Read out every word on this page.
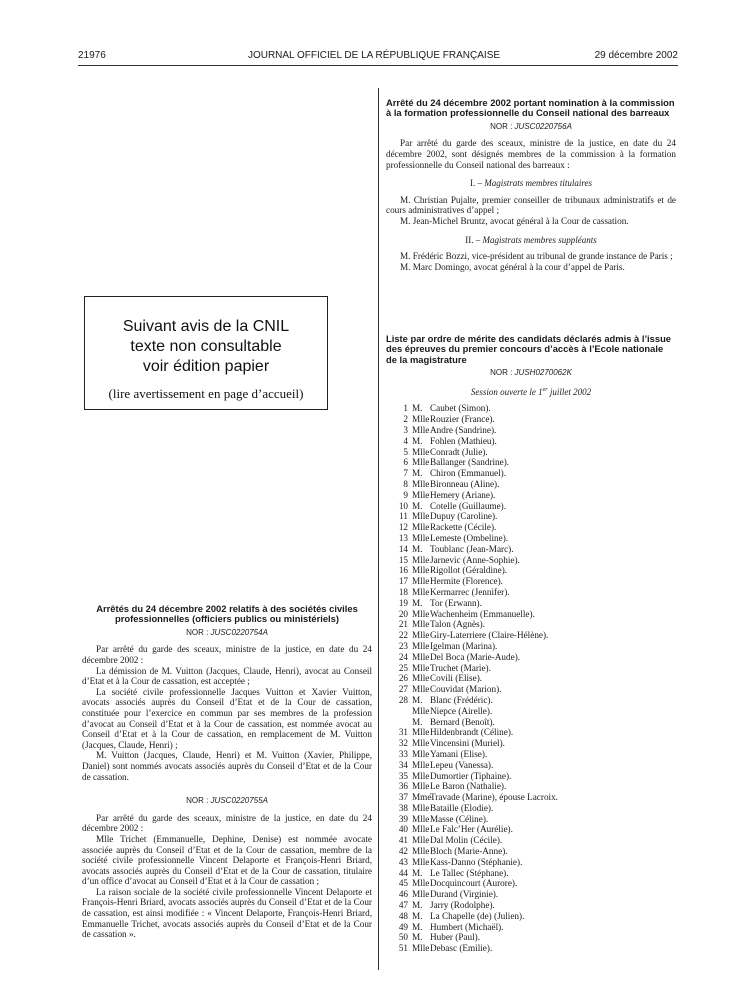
21976	JOURNAL OFFICIEL DE LA RÉPUBLIQUE FRANÇAISE	29 décembre 2002
Suivant avis de la CNIL
texte non consultable
voir édition papier
(lire avertissement en page d’accueil)
Arrêtés du 24 décembre 2002 relatifs à des sociétés civiles professionnelles (officiers publics ou ministériels)
NOR : JUSC0220754A

Par arrêté du garde des sceaux, ministre de la justice, en date du 24 décembre 2002 :

La démission de M. Vuitton (Jacques, Claude, Henri), avocat au Conseil d’Etat et à la Cour de cassation, est acceptée ;

La société civile professionnelle Jacques Vuitton et Xavier Vuitton, avocats associés auprès du Conseil d’Etat et de la Cour de cassation, constituée pour l’exercice en commun par ses membres de la profession d’avocat au Conseil d’Etat et à la Cour de cassation, est nommée avocat au Conseil d’Etat et à la Cour de cassation, en remplacement de M. Vuitton (Jacques, Claude, Henri) ;

M. Vuitton (Jacques, Claude, Henri) et M. Vuitton (Xavier, Philippe, Daniel) sont nommés avocats associés auprès du Conseil d’Etat et de la Cour de cassation.

NOR : JUSC0220755A

Par arrêté du garde des sceaux, ministre de la justice, en date du 24 décembre 2002 :

Mlle Trichet (Emmanuelle, Dephine, Denise) est nommée avocate associée auprès du Conseil d’Etat et de la Cour de cassation, membre de la société civile professionnelle Vincent Delaporte et François-Henri Briard, avocats associés auprès du Conseil d’Etat et de la Cour de cassation, titulaire d’un office d’avocat au Conseil d’Etat et à la Cour de cassation ;

La raison sociale de la société civile professionnelle Vincent Delaporte et François-Henri Briard, avocats associés auprès du Conseil d’Etat et de la Cour de cassation, est ainsi modifiée : « Vincent Delaporte, François-Henri Briard, Emmanuelle Trichet, avocats associés auprès du Conseil d’Etat et de la Cour de cassation ».

Arrêté du 24 décembre 2002 portant nomination à la commission à la formation professionnelle du Conseil national des barreaux
NOR : JUSC0220756A

Par arrêté du garde des sceaux, ministre de la justice, en date du 24 décembre 2002, sont désignés membres de la commission à la formation professionnelle du Conseil national des barreaux :

I. – Magistrats membres titulaires

M. Christian Pujalte, premier conseiller de tribunaux administratifs et de cours administratives d’appel ;

M. Jean-Michel Bruntz, avocat général à la Cour de cassation.

II. – Magistrats membres suppléants

M. Frédéric Bozzi, vice-président au tribunal de grande instance de Paris ;

M. Marc Domingo, avocat général à la cour d’appel de Paris.

Liste par ordre de mérite des candidats déclarés admis à l’issue des épreuves du premier concours d’accès à l’Ecole nationale de la magistrature
NOR : JUSH0270062K
Session ouverte le 1er juillet 2002
1 M. Caubet (Simon).
2 Mlle Rouzier (France).
3 Mlle Andre (Sandrine).
4 M. Fohlen (Mathieu).
5 Mlle Conradt (Julie).
6 Mlle Ballanger (Sandrine).
7 M. Chiron (Emmanuel).
8 Mlle Bironneau (Aline).
9 Mlle Hemery (Ariane).
10 M. Cotelle (Guillaume).
11 Mlle Dupuy (Caroline).
12 Mlle Rackette (Cécile).
13 Mlle Lemeste (Ombeline).
14 M. Toublanc (Jean-Marc).
15 Mlle Jarnevic (Anne-Sophie).
16 Mlle Rigollot (Géraldine).
17 Mlle Hermite (Florence).
18 Mlle Kermarrec (Jennifer).
19 M. Tor (Erwann).
20 Mlle Wachenheim (Emmanuelle).
21 Mlle Talon (Agnès).
22 Mlle Giry-Laterriere (Claire-Hélène).
23 Mlle Igelman (Marina).
24 Mlle Del Boca (Marie-Aude).
25 Mlle Truchet (Marie).
26 Mlle Covili (Elise).
27 Mlle Couvidat (Marion).
28 M. Blanc (Frédéric).
Mlle Niepce (Airelle).
M. Bernard (Benoît).
31 Mlle Hildenbrandt (Céline).
32 Mlle Vincensini (Muriel).
33 Mlle Yamani (Elise).
34 Mlle Lepeu (Vanessa).
35 Mlle Dumortier (Tiphaine).
36 Mlle Le Baron (Nathalie).
37 Mme
Travade (Marine), épouse Lacroix.
38 Mlle Bataille (Elodie).
39 Mlle Masse (Céline).
40 Mlle Le Falc’Her (Aurélie).
41 Mlle Dal Molin (Cécile).
42 Mlle Bloch (Marie-Anne).
43 Mlle Kass-Danno (Stéphanie).
44 M. Le Tallec (Stéphane).
45 Mlle Docquincourt (Aurore).
46 Mlle Durand (Virginie).
47 M. Jarry (Rodolphe).
48 M. La Chapelle (de) (Julien).
49 M. Humbert (Michaël).
50 M. Huber (Paul).
51 Mlle Debasc (Emilie).
